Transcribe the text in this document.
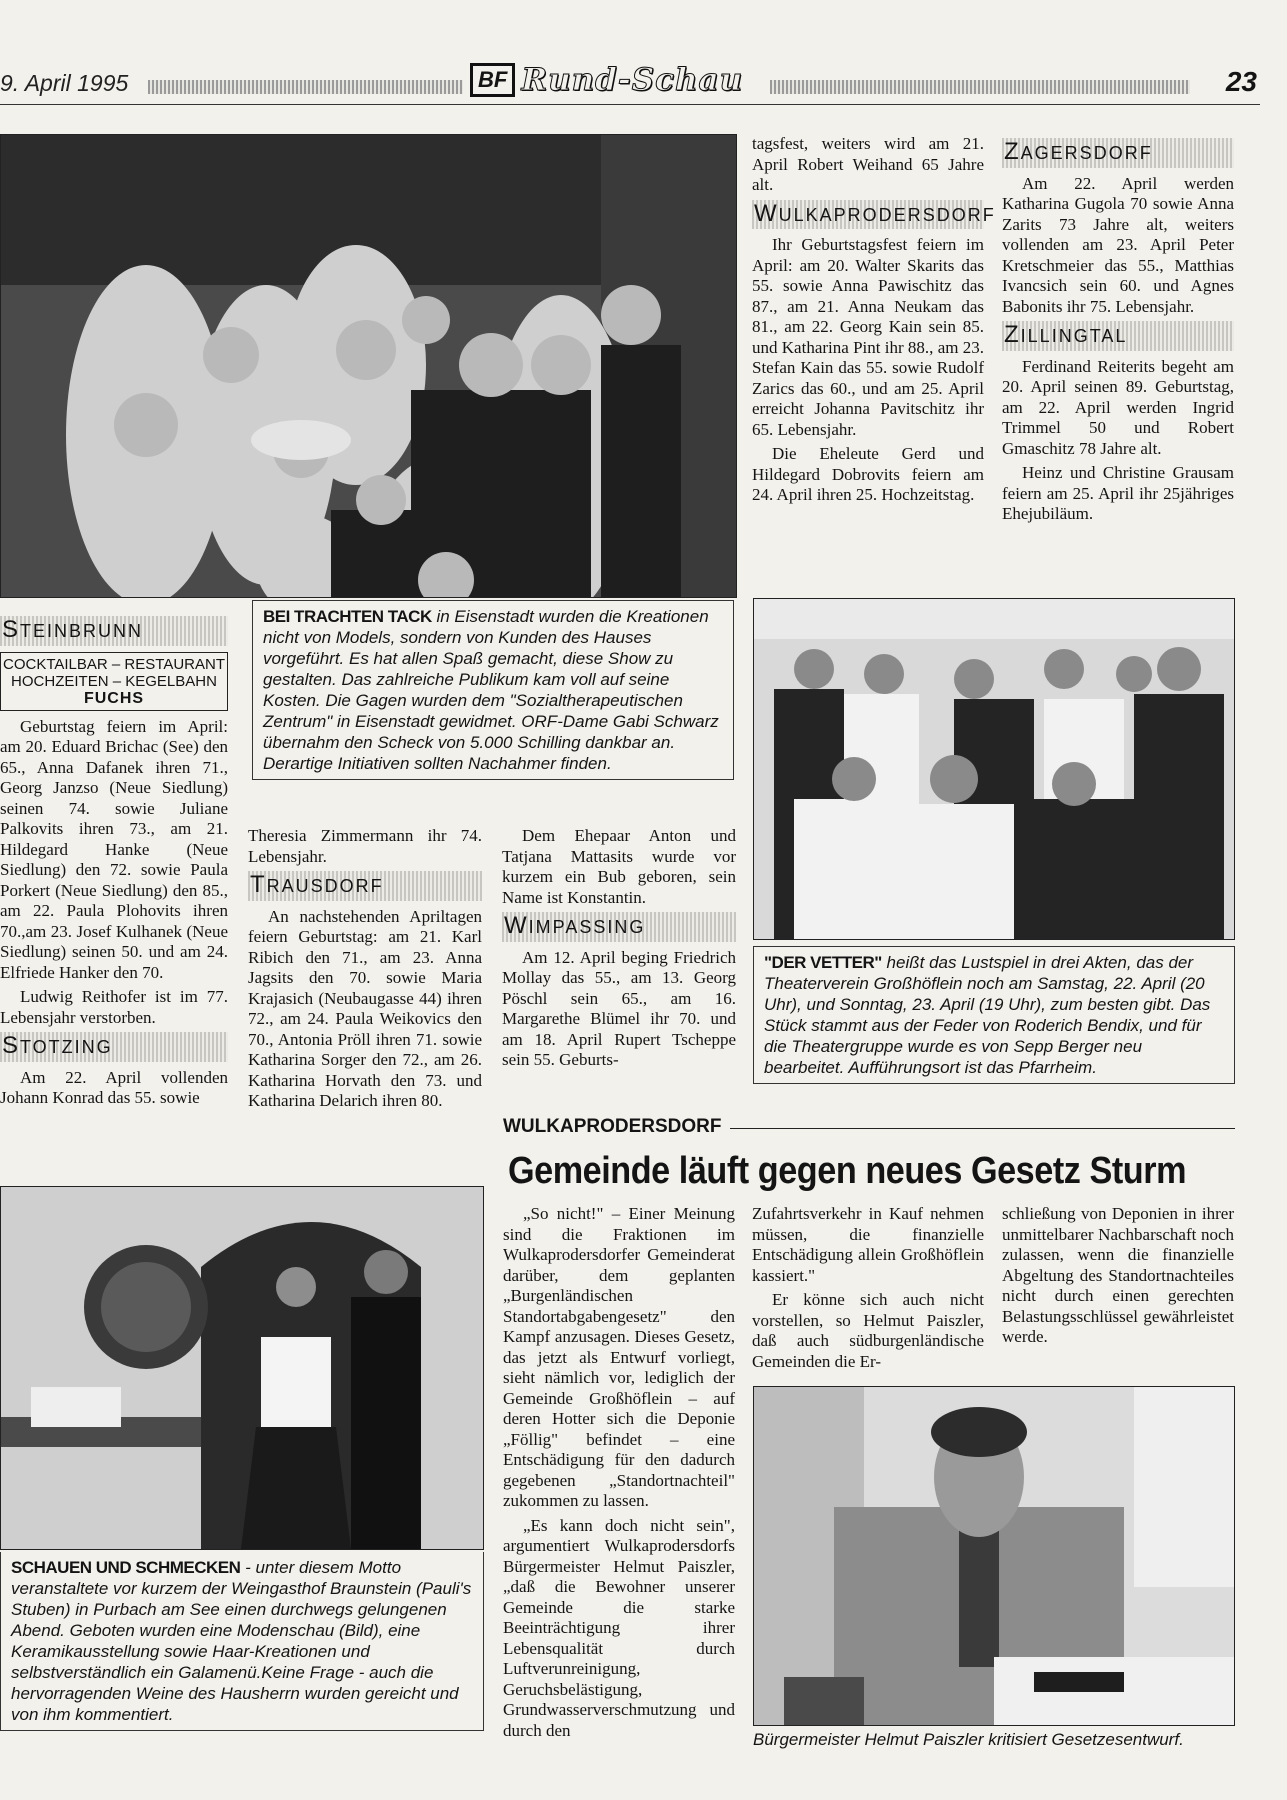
9. April 1995	BF Rund-Schau	23
BEI TRACHTEN TACK in Eisenstadt wurden die Kreationen nicht von Models, sondern von Kunden des Hauses vorgeführt. Es hat allen Spaß gemacht, diese Show zu gestalten. Das zahlreiche Publikum kam voll auf seine Kosten. Die Gagen wurden dem "Sozialtherapeutischen Zentrum" in Eisenstadt gewidmet. ORF-Dame Gabi Schwarz übernahm den Scheck von 5.000 Schilling dankbar an. Derartige Initiativen sollten Nachahmer finden.

tagsfest, weiters wird am 21. April Robert Weihand 65 Jahre alt.

WULKAPRODERSDORF

Ihr Geburtstagsfest feiern im April: am 20. Walter Skarits das 55. sowie Anna Pawischitz das 87., am 21. Anna Neukam das 81., am 22. Georg Kain sein 85. und Katharina Pint ihr 88., am 23. Stefan Kain das 55. sowie Rudolf Zarics das 60., und am 25. April erreicht Johanna Pavitschitz ihr 65. Lebensjahr.

Die Eheleute Gerd und Hildegard Dobrovits feiern am 24. April ihren 25. Hochzeitstag.

ZAGERSDORF

Am 22. April werden Katharina Gugola 70 sowie Anna Zarits 73 Jahre alt, weiters vollenden am 23. April Peter Kretschmeier das 55., Matthias Ivancsich sein 60. und Agnes Babonits ihr 75. Lebensjahr.

ZILLINGTAL

Ferdinand Reiterits begeht am 20. April seinen 89. Geburtstag, am 22. April werden Ingrid Trimmel 50 und Robert Gmaschitz 78 Jahre alt.

Heinz und Christine Grausam feiern am 25. April ihr 25jähriges Ehejubiläum.

"DER VETTER" heißt das Lustspiel in drei Akten, das der Theaterverein Großhöflein noch am Samstag, 22. April (20 Uhr), und Sonntag, 23. April (19 Uhr), zum besten gibt. Das Stück stammt aus der Feder von Roderich Bendix, und für die Theatergruppe wurde es von Sepp Berger neu bearbeitet. Aufführungsort ist das Pfarrheim.
STEINBRUNN
COCKTAILBAR – RESTAURANT
HOCHZEITEN – KEGELBAHN
FUCHS

Geburtstag feiern im April: am 20. Eduard Brichac (See) den 65., Anna Dafanek ihren 71., Georg Janzso (Neue Siedlung) seinen 74. sowie Juliane Palkovits ihren 73., am 21. Hildegard Hanke (Neue Siedlung) den 72. sowie Paula Porkert (Neue Siedlung) den 85., am 22. Paula Plohovits ihren 70.,am 23. Josef Kulhanek (Neue Siedlung) seinen 50. und am 24. Elfriede Hanker den 70.

Ludwig Reithofer ist im 77. Lebensjahr verstorben.

STOTZING

Am 22. April vollenden Johann Konrad das 55. sowie

Theresia Zimmermann ihr 74. Lebensjahr.

TRAUSDORF

An nachstehenden Apriltagen feiern Geburtstag: am 21. Karl Ribich den 71., am 23. Anna Jagsits den 70. sowie Maria Krajasich (Neubaugasse 44) ihren 72., am 24. Paula Weikovics den 70., Antonia Pröll ihren 71. sowie Katharina Sorger den 72., am 26. Katharina Horvath den 73. und Katharina Delarich ihren 80.

Dem Ehepaar Anton und Tatjana Mattasits wurde vor kurzem ein Bub geboren, sein Name ist Konstantin.

WIMPASSING

Am 12. April beging Friedrich Mollay das 55., am 13. Georg Pöschl sein 65., am 16. Margarethe Blümel ihr 70. und am 18. April Rupert Tscheppe sein 55. Geburts-

WULKAPRODERSDORF
Gemeinde läuft gegen neues Gesetz Sturm

„So nicht!" – Einer Meinung sind die Fraktionen im Wulkaprodersdorfer Gemeinderat darüber, dem geplanten „Burgenländischen Standortabgabengesetz" den Kampf anzusagen. Dieses Gesetz, das jetzt als Entwurf vorliegt, sieht nämlich vor, lediglich der Gemeinde Großhöflein – auf deren Hotter sich die Deponie „Föllig" befindet – eine Entschädigung für den dadurch gegebenen „Standortnachteil" zukommen zu lassen.

„Es kann doch nicht sein", argumentiert Wulkaprodersdorfs Bürgermeister Helmut Paiszler, „daß die Bewohner unserer Gemeinde die starke Beeinträchtigung ihrer Lebensqualität durch Luftverunreinigung, Geruchsbelästigung, Grundwasserverschmutzung und durch den

Zufahrtsverkehr in Kauf nehmen müssen, die finanzielle Entschädigung allein Großhöflein kassiert."

Er könne sich auch nicht vorstellen, so Helmut Paiszler, daß auch südburgenländische Gemeinden die Er-

schließung von Deponien in ihrer unmittelbarer Nachbarschaft noch zulassen, wenn die finanzielle Abgeltung des Standortnachteiles nicht durch einen gerechten Belastungsschlüssel gewährleistet werde.

Bürgermeister Helmut Paiszler kritisiert Gesetzesentwurf.
SCHAUEN UND SCHMECKEN - unter diesem Motto veranstaltete vor kurzem der Weingasthof Braunstein (Pauli's Stuben) in Purbach am See einen durchwegs gelungenen Abend. Geboten wurden eine Modenschau (Bild), eine Keramikausstellung sowie Haar-Kreationen und selbstverständlich ein Galamenü.Keine Frage - auch die hervorragenden Weine des Hausherrn wurden gereicht und von ihm kommentiert.
